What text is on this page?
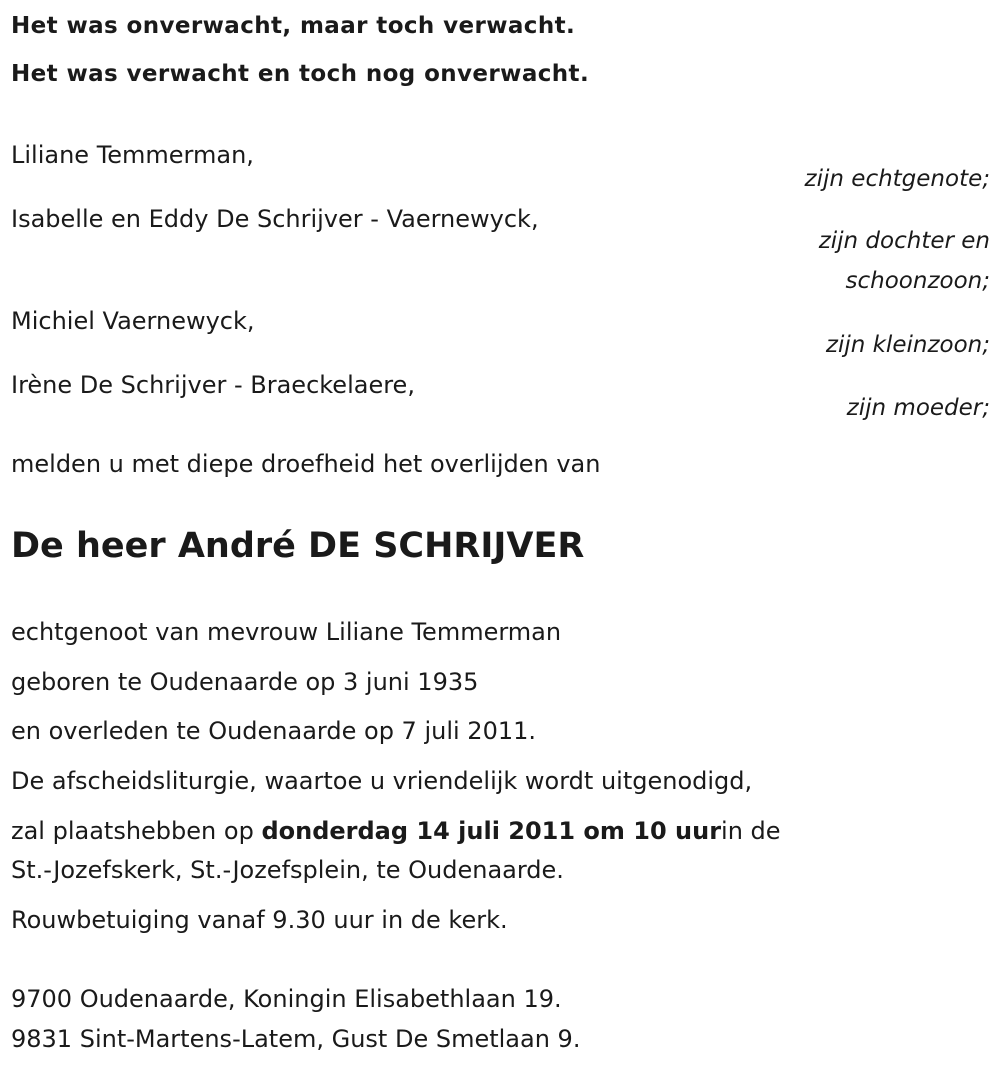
Het was onverwacht, maar toch verwacht.
Het was verwacht en toch nog onverwacht.
Liliane Temmerman,
Isabelle en Eddy De Schrijver - Vaernewyck,
Michiel Vaernewyck,
Irène De Schrijver - Braeckelaere,
zijn echtgenote;
zijn dochter en
schoonzoon;
zijn kleinzoon;
zijn moeder;
melden u met diepe droefheid het overlijden van
De heer André DE SCHRIJVER
echtgenoot van mevrouw Liliane Temmerman
geboren te Oudenaarde op 3 juni 1935
en overleden te Oudenaarde op 7 juli 2011.
De afscheidsliturgie, waartoe u vriendelijk wordt uitgenodigd,
zal plaatshebben op donderdag 14 juli 2011 om 10 uurin de
St.-Jozefskerk, St.-Jozefsplein, te Oudenaarde.
Rouwbetuiging vanaf 9.30 uur in de kerk.
9700 Oudenaarde, Koningin Elisabethlaan 19.
9831 Sint-Martens-Latem, Gust De Smetlaan 9.
